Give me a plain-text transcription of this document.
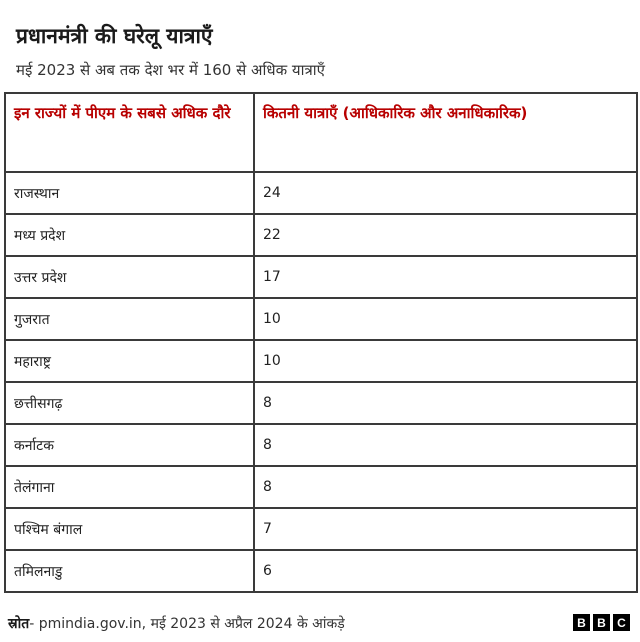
प्रधानमंत्री की घरेलू यात्राएँ
मई 2023 से अब तक देश भर में 160 से अधिक यात्राएँ
इन राज्यों में पीएम के सबसे अधिक दौरे	कितनी यात्राएँ (आधिकारिक और अनाधिकारिक)
राजस्थान	24
मध्य प्रदेश	22
उत्तर प्रदेश	17
गुजरात	10
महाराष्ट्र	10
छत्तीसगढ़	8
कर्नाटक	8
तेलंगाना	8
पश्चिम बंगाल	7
तमिलनाडु	6
स्रोत- pmindia.gov.in, मई 2023 से अप्रैल 2024 के आंकड़े	B B C
